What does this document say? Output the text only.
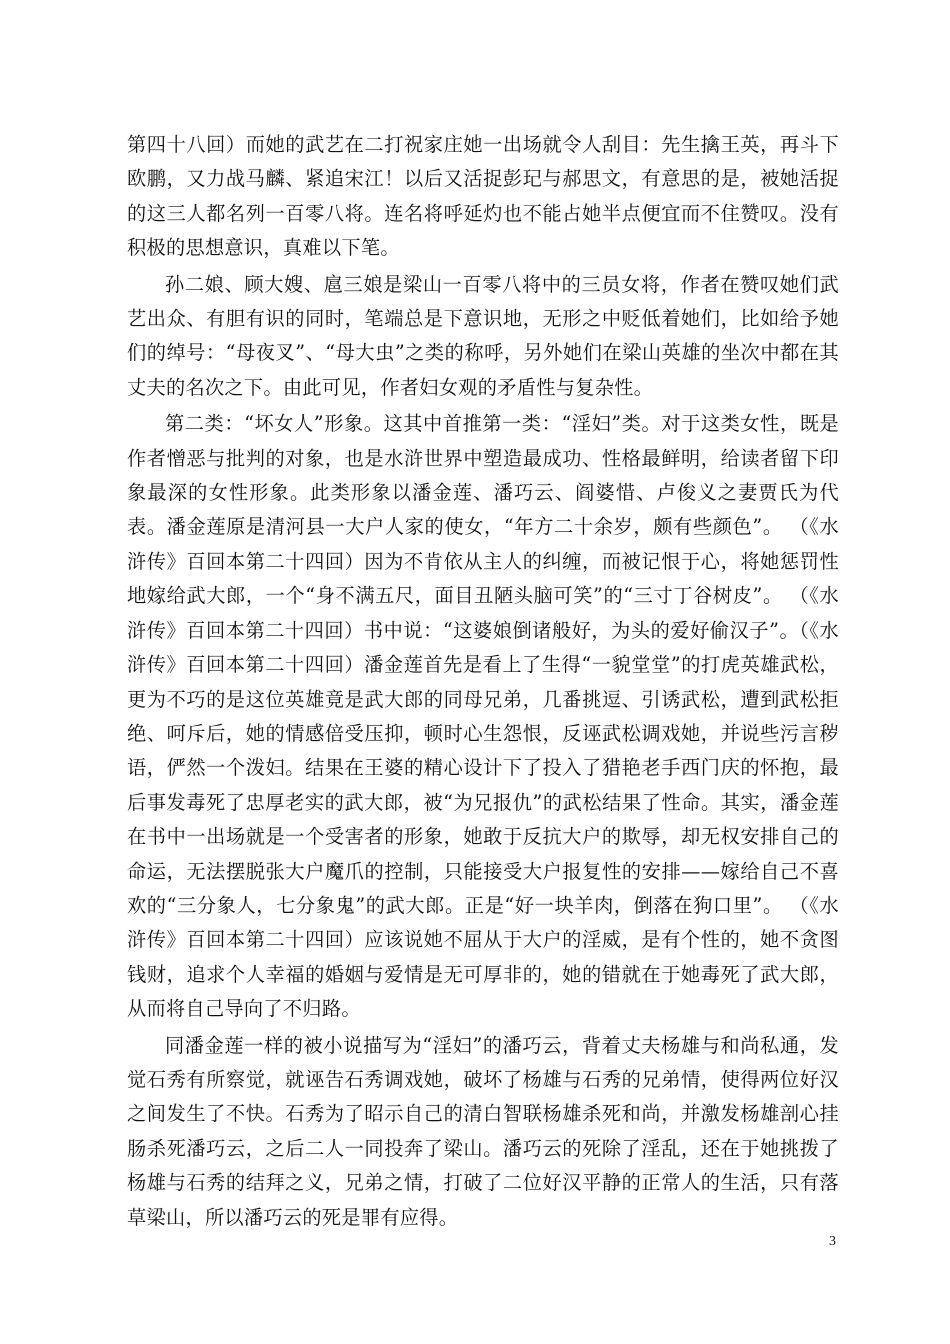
第四十八回）而她的武艺在二打祝家庄她一出场就令人刮目：先生擒王英，再斗下欧鹏，又力战马麟、紧追宋江！以后又活捉彭玘与郝思文，有意思的是，被她活捉的这三人都名列一百零八将。连名将呼延灼也不能占她半点便宜而不住赞叹。没有积极的思想意识，真难以下笔。

孙二娘、顾大嫂、扈三娘是梁山一百零八将中的三员女将，作者在赞叹她们武艺出众、有胆有识的同时，笔端总是下意识地，无形之中贬低着她们，比如给予她们的绰号：“母夜叉”、“母大虫”之类的称呼，另外她们在梁山英雄的坐次中都在其丈夫的名次之下。由此可见，作者妇女观的矛盾性与复杂性。

第二类：“坏女人”形象。这其中首推第一类：“淫妇”类。对于这类女性，既是作者憎恶与批判的对象，也是水浒世界中塑造最成功、性格最鲜明，给读者留下印象最深的女性形象。此类形象以潘金莲、潘巧云、阎婆惜、卢俊义之妻贾氏为代表。潘金莲原是清河县一大户人家的使女，“年方二十余岁，颇有些颜色”。 （《水浒传》百回本第二十四回）因为不肯依从主人的纠缠，而被记恨于心，将她惩罚性地嫁给武大郎，一个“身不满五尺，面目丑陋头脑可笑”的“三寸丁谷树皮”。 （《水浒传》百回本第二十四回）书中说：“这婆娘倒诸般好，为头的爱好偷汉子”。（《水浒传》百回本第二十四回）潘金莲首先是看上了生得“一貌堂堂”的打虎英雄武松，更为不巧的是这位英雄竟是武大郎的同母兄弟，几番挑逗、引诱武松，遭到武松拒绝、呵斥后，她的情感倍受压抑，顿时心生怨恨，反诬武松调戏她，并说些污言秽语，俨然一个泼妇。结果在王婆的精心设计下了投入了猎艳老手西门庆的怀抱，最后事发毒死了忠厚老实的武大郎，被“为兄报仇”的武松结果了性命。其实，潘金莲在书中一出场就是一个受害者的形象，她敢于反抗大户的欺辱，却无权安排自己的命运，无法摆脱张大户魔爪的控制，只能接受大户报复性的安排——嫁给自己不喜欢的“三分象人，七分象鬼”的武大郎。正是“好一块羊肉，倒落在狗口里”。 （《水浒传》百回本第二十四回）应该说她不屈从于大户的淫威，是有个性的，她不贪图钱财，追求个人幸福的婚姻与爱情是无可厚非的，她的错就在于她毒死了武大郎，从而将自己导向了不归路。

同潘金莲一样的被小说描写为“淫妇”的潘巧云，背着丈夫杨雄与和尚私通，发觉石秀有所察觉，就诬告石秀调戏她，破坏了杨雄与石秀的兄弟情，使得两位好汉之间发生了不快。石秀为了昭示自己的清白智联杨雄杀死和尚，并激发杨雄剖心挂肠杀死潘巧云，之后二人一同投奔了梁山。潘巧云的死除了淫乱，还在于她挑拨了杨雄与石秀的结拜之义，兄弟之情，打破了二位好汉平静的正常人的生活，只有落草梁山，所以潘巧云的死是罪有应得。

3
